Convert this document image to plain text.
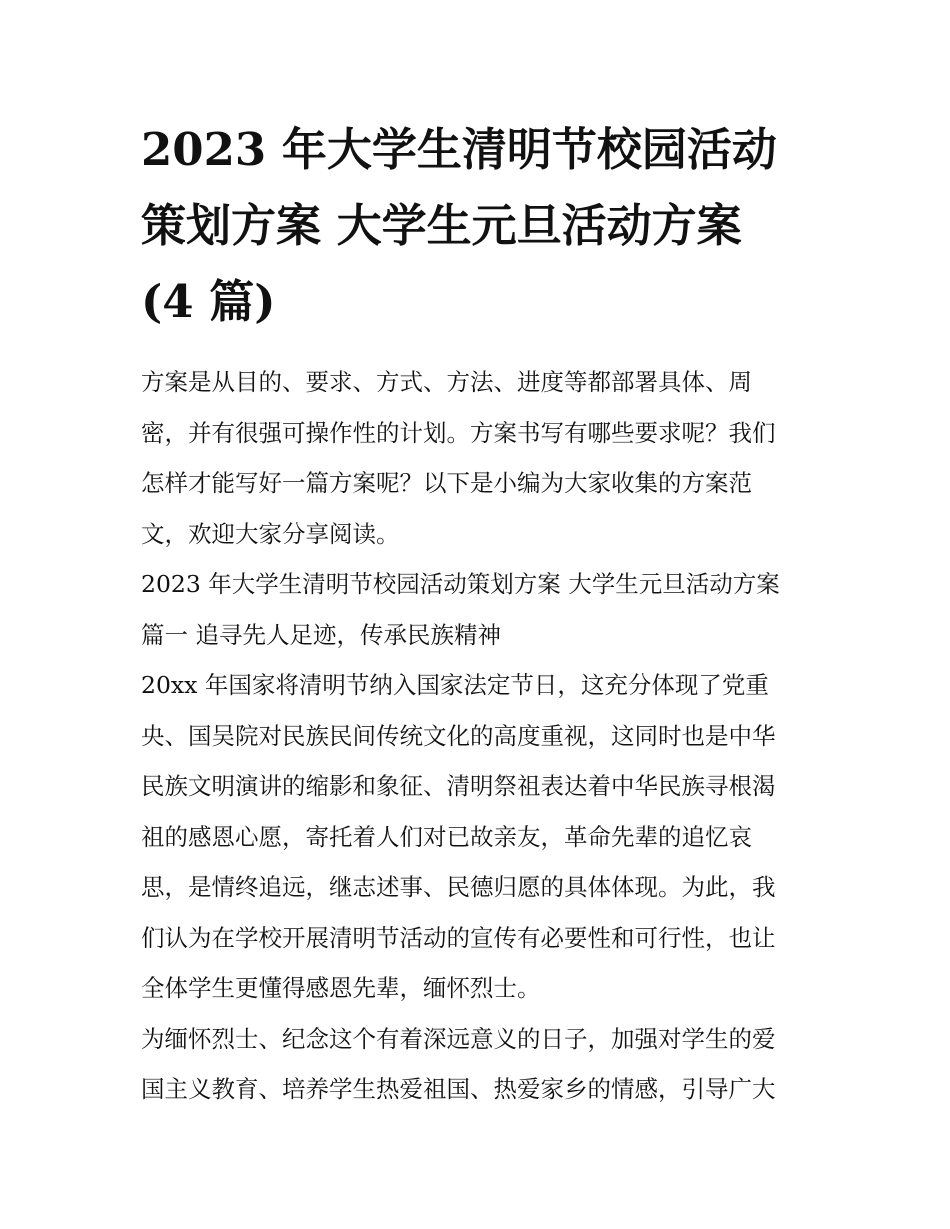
2023 年大学生清明节校园活动
策划方案 大学生元旦活动方案
(4 篇)

方案是从目的、要求、方式、方法、进度等都部署具体、周
密，并有很强可操作性的计划。方案书写有哪些要求呢？我们
怎样才能写好一篇方案呢？以下是小编为大家收集的方案范
文，欢迎大家分享阅读。

2023 年大学生清明节校园活动策划方案 大学生元旦活动方案
篇一 追寻先人足迹，传承民族精神

20xx 年国家将清明节纳入国家法定节日，这充分体现了党重
央、国吴院对民族民间传统文化的高度重视，这同时也是中华
民族文明演讲的缩影和象征、清明祭祖表达着中华民族寻根渴
祖的感恩心愿，寄托着人们对已故亲友，革命先辈的追忆哀
思，是情终追远，继志述事、民德归愿的具体体现。为此，我
们认为在学校开展清明节活动的宣传有必要性和可行性，也让
全体学生更懂得感恩先辈，缅怀烈士。

为缅怀烈士、纪念这个有着深远意义的日子，加强对学生的爱
国主义教育、培养学生热爱祖国、热爱家乡的情感，引导广大
